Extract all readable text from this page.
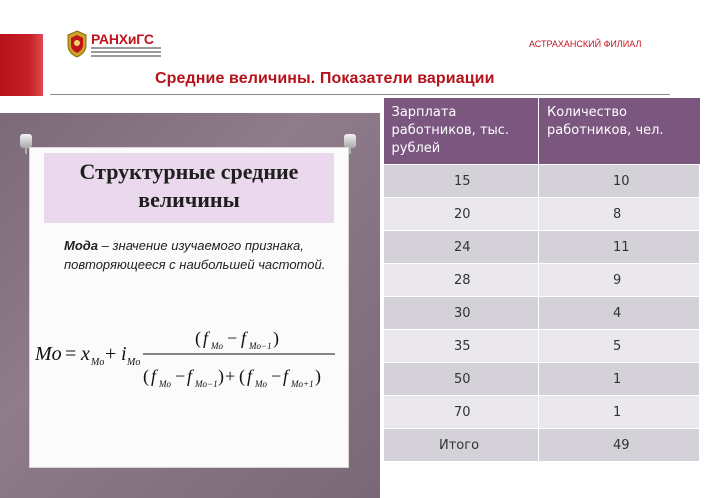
РАНХиГС	АСТРАХАНСКИЙ ФИЛИАЛ
Средние величины. Показатели вариации
Структурные средние
величины
Мода – значение изучаемого признака, повторяющееся с наибольшей частотой.
Mo = x Mo + i Mo
( f Mo − f Mo−1 )
( f Mo − f Mo−1 ) + ( f Mo − f Mo+1 )
Зарплата работников, тыс. рублей	Количество работников, чел.
15	10
20	8
24	11
28	9
30	4
35	5
50	1
70	1
Итого	49
